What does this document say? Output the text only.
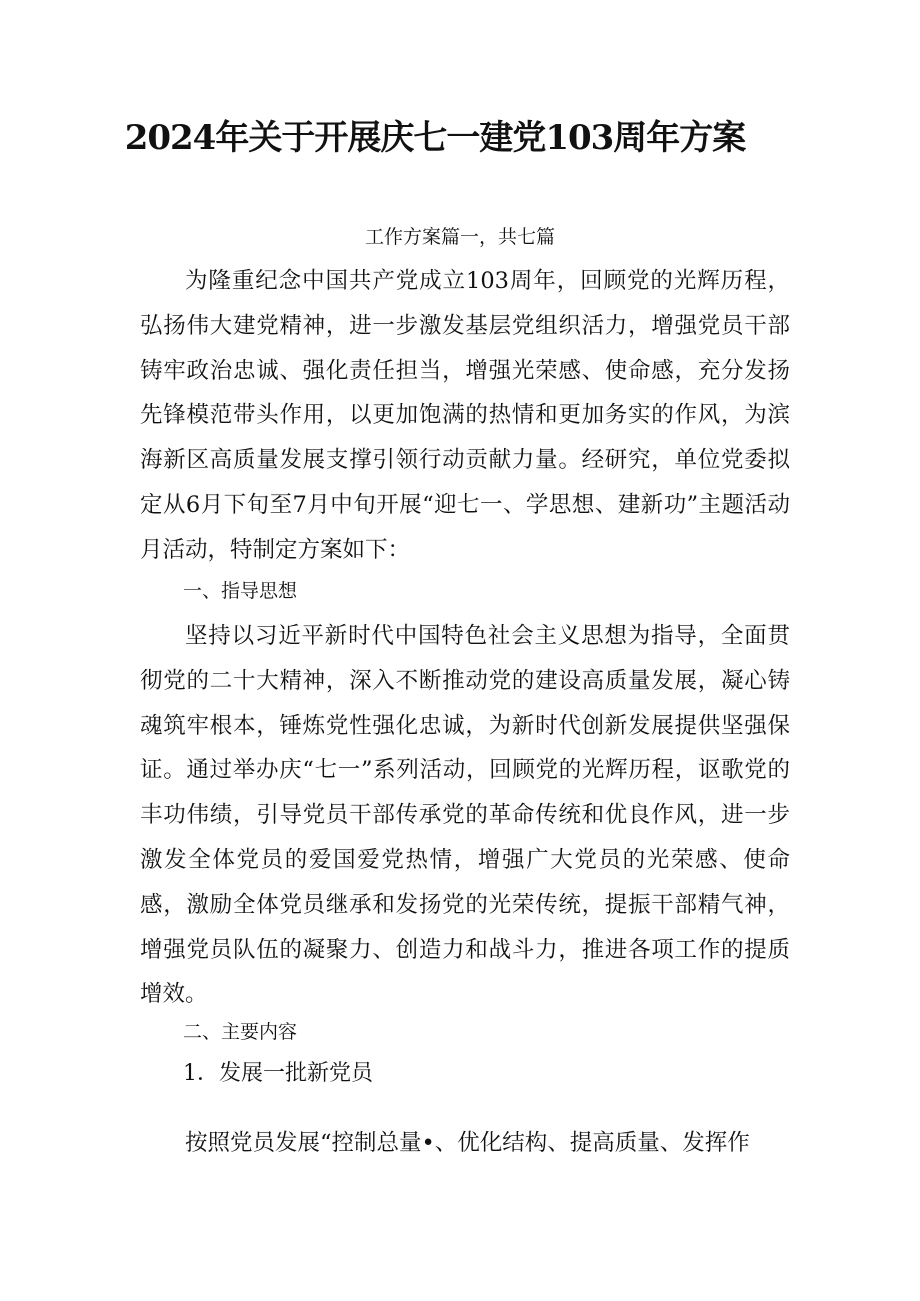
2024年关于开展庆七一建党103周年方案

工作方案篇一，共七篇

为隆重纪念中国共产党成立103周年，回顾党的光辉历程，弘扬伟大建党精神，进一步激发基层党组织活力，增强党员干部铸牢政治忠诚、强化责任担当，增强光荣感、使命感，充分发扬先锋模范带头作用，以更加饱满的热情和更加务实的作风，为滨海新区高质量发展支撑引领行动贡献力量。经研究，单位党委拟定从6月下旬至7月中旬开展“迎七一、学思想、建新功”主题活动月活动，特制定方案如下：

一、指导思想

坚持以习近平新时代中国特色社会主义思想为指导，全面贯彻党的二十大精神，深入不断推动党的建设高质量发展，凝心铸魂筑牢根本，锤炼党性强化忠诚，为新时代创新发展提供坚强保证。通过举办庆“七一”系列活动，回顾党的光辉历程，讴歌党的丰功伟绩，引导党员干部传承党的革命传统和优良作风，进一步激发全体党员的爱国爱党热情，增强广大党员的光荣感、使命感，激励全体党员继承和发扬党的光荣传统，提振干部精气神，增强党员队伍的凝聚力、创造力和战斗力，推进各项工作的提质增效。

二、主要内容

1．发展一批新党员

按照党员发展“控制总量•、优化结构、提高质量、发挥作
